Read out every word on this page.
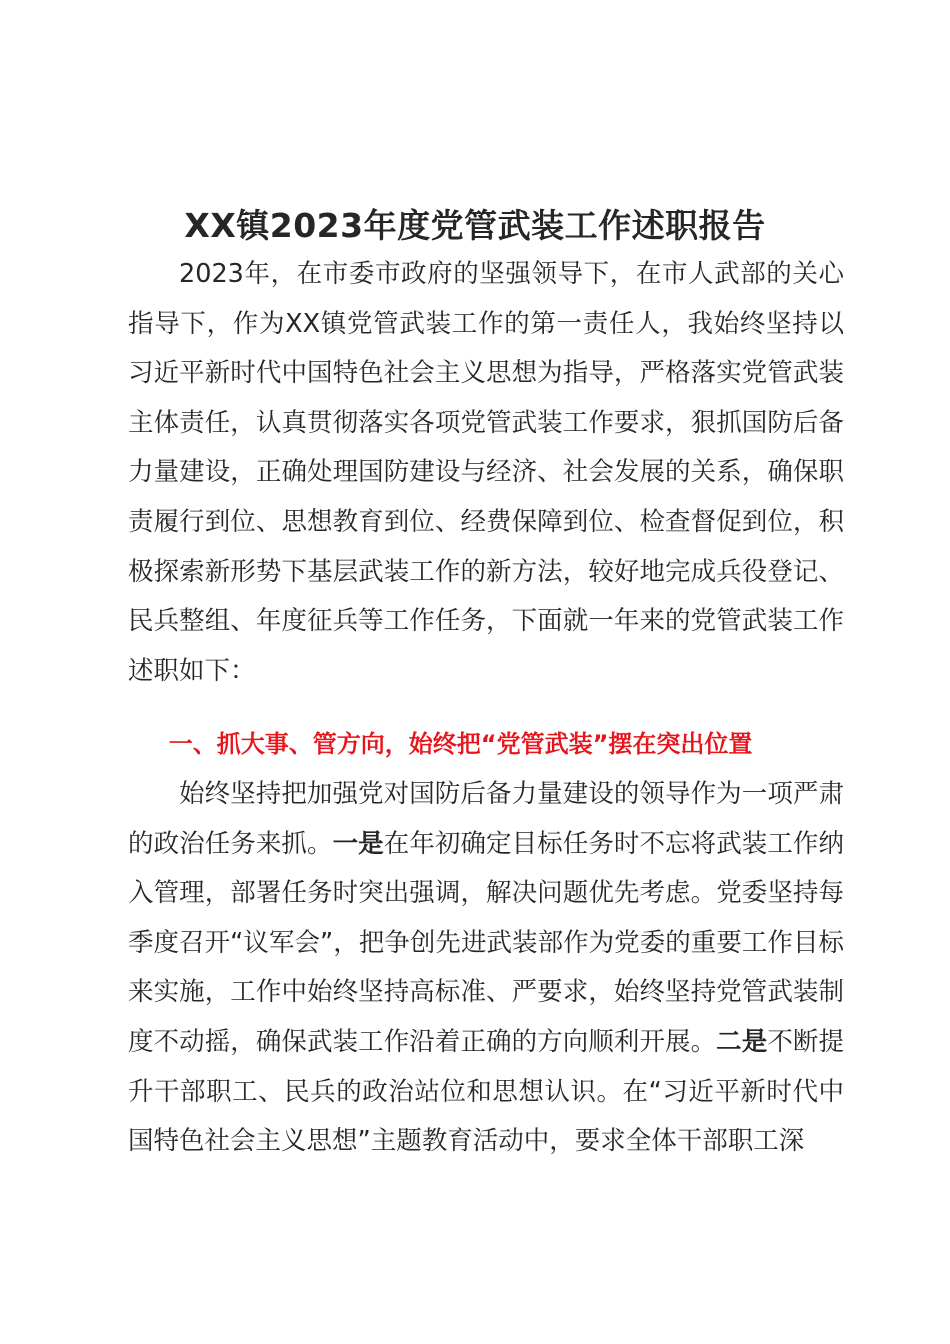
XX镇2023年度党管武装工作述职报告

2023年，在市委市政府的坚强领导下，在市人武部的关心指导下，作为XX镇党管武装工作的第一责任人，我始终坚持以习近平新时代中国特色社会主义思想为指导，严格落实党管武装主体责任，认真贯彻落实各项党管武装工作要求，狠抓国防后备力量建设，正确处理国防建设与经济、社会发展的关系，确保职责履行到位、思想教育到位、经费保障到位、检查督促到位，积极探索新形势下基层武装工作的新方法，较好地完成兵役登记、民兵整组、年度征兵等工作任务，下面就一年来的党管武装工作述职如下：

一、抓大事、管方向，始终把“党管武装”摆在突出位置

始终坚持把加强党对国防后备力量建设的领导作为一项严肃的政治任务来抓。一是在年初确定目标任务时不忘将武装工作纳入管理，部署任务时突出强调，解决问题优先考虑。党委坚持每季度召开“议军会”，把争创先进武装部作为党委的重要工作目标来实施，工作中始终坚持高标准、严要求，始终坚持党管武装制度不动摇，确保武装工作沿着正确的方向顺利开展。二是不断提升干部职工、民兵的政治站位和思想认识。在“习近平新时代中国特色社会主义思想”主题教育活动中，要求全体干部职工深
